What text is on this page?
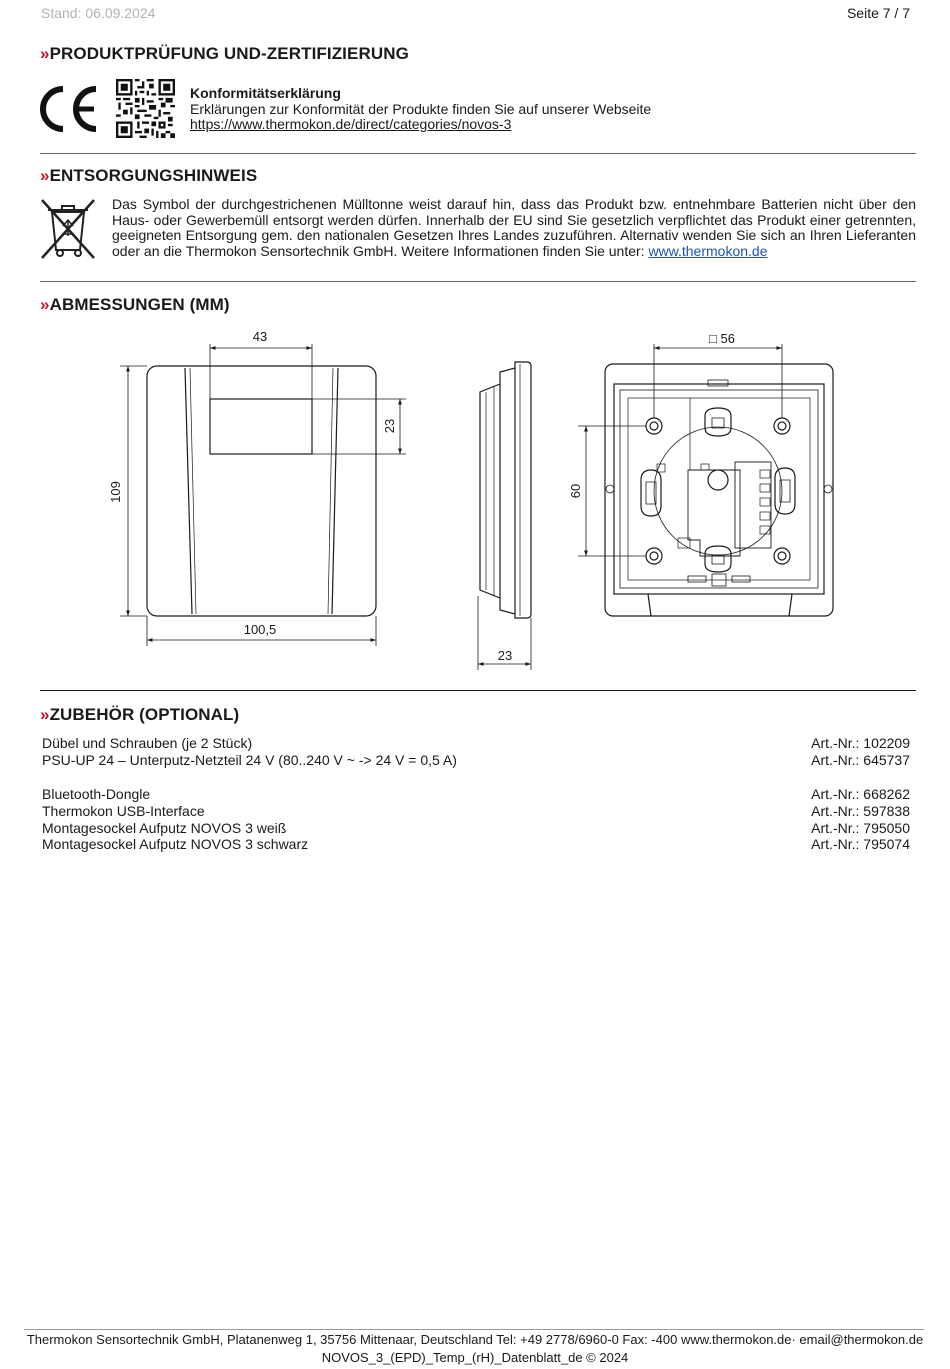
Stand: 06.09.2024	Seite 7 / 7
»PRODUKTPRÜFUNG UND-ZERTIFIZIERUNG
Konformitätserklärung
Erklärungen zur Konformität der Produkte finden Sie auf unserer Webseite
https://www.thermokon.de/direct/categories/novos-3
»ENTSORGUNGSHINWEIS
Das Symbol der durchgestrichenen Mülltonne weist darauf hin, dass das Produkt bzw. entnehmbare Batterien nicht über den Haus- oder Gewerbemüll entsorgt werden dürfen. Innerhalb der EU sind Sie gesetzlich verpflichtet das Produkt einer getrennten, geeigneten Entsorgung gem. den nationalen Gesetzen Ihres Landes zuzuführen. Alternativ wenden Sie sich an Ihren Lieferanten oder an die Thermokon Sensortechnik GmbH. Weitere Informationen finden Sie unter: www.thermokon.de
»ABMESSUNGEN (MM)
43
23
109
100,5
23
□ 56
60
»ZUBEHÖR (OPTIONAL)
Dübel und Schrauben (je 2 Stück)	Art.-Nr.: 102209
PSU-UP 24 – Unterputz-Netzteil 24 V (80..240 V ~ -> 24 V = 0,5 A)	Art.-Nr.: 645737
Bluetooth-Dongle	Art.-Nr.: 668262
Thermokon USB-Interface	Art.-Nr.: 597838
Montagesockel Aufputz NOVOS 3 weiß	Art.-Nr.: 795050
Montagesockel Aufputz NOVOS 3 schwarz	Art.-Nr.: 795074
Thermokon Sensortechnik GmbH, Platanenweg 1, 35756 Mittenaar, Deutschland Tel: +49 2778/6960-0 Fax: -400 www.thermokon.de· email@thermokon.de
NOVOS_3_(EPD)_Temp_(rH)_Datenblatt_de © 2024
